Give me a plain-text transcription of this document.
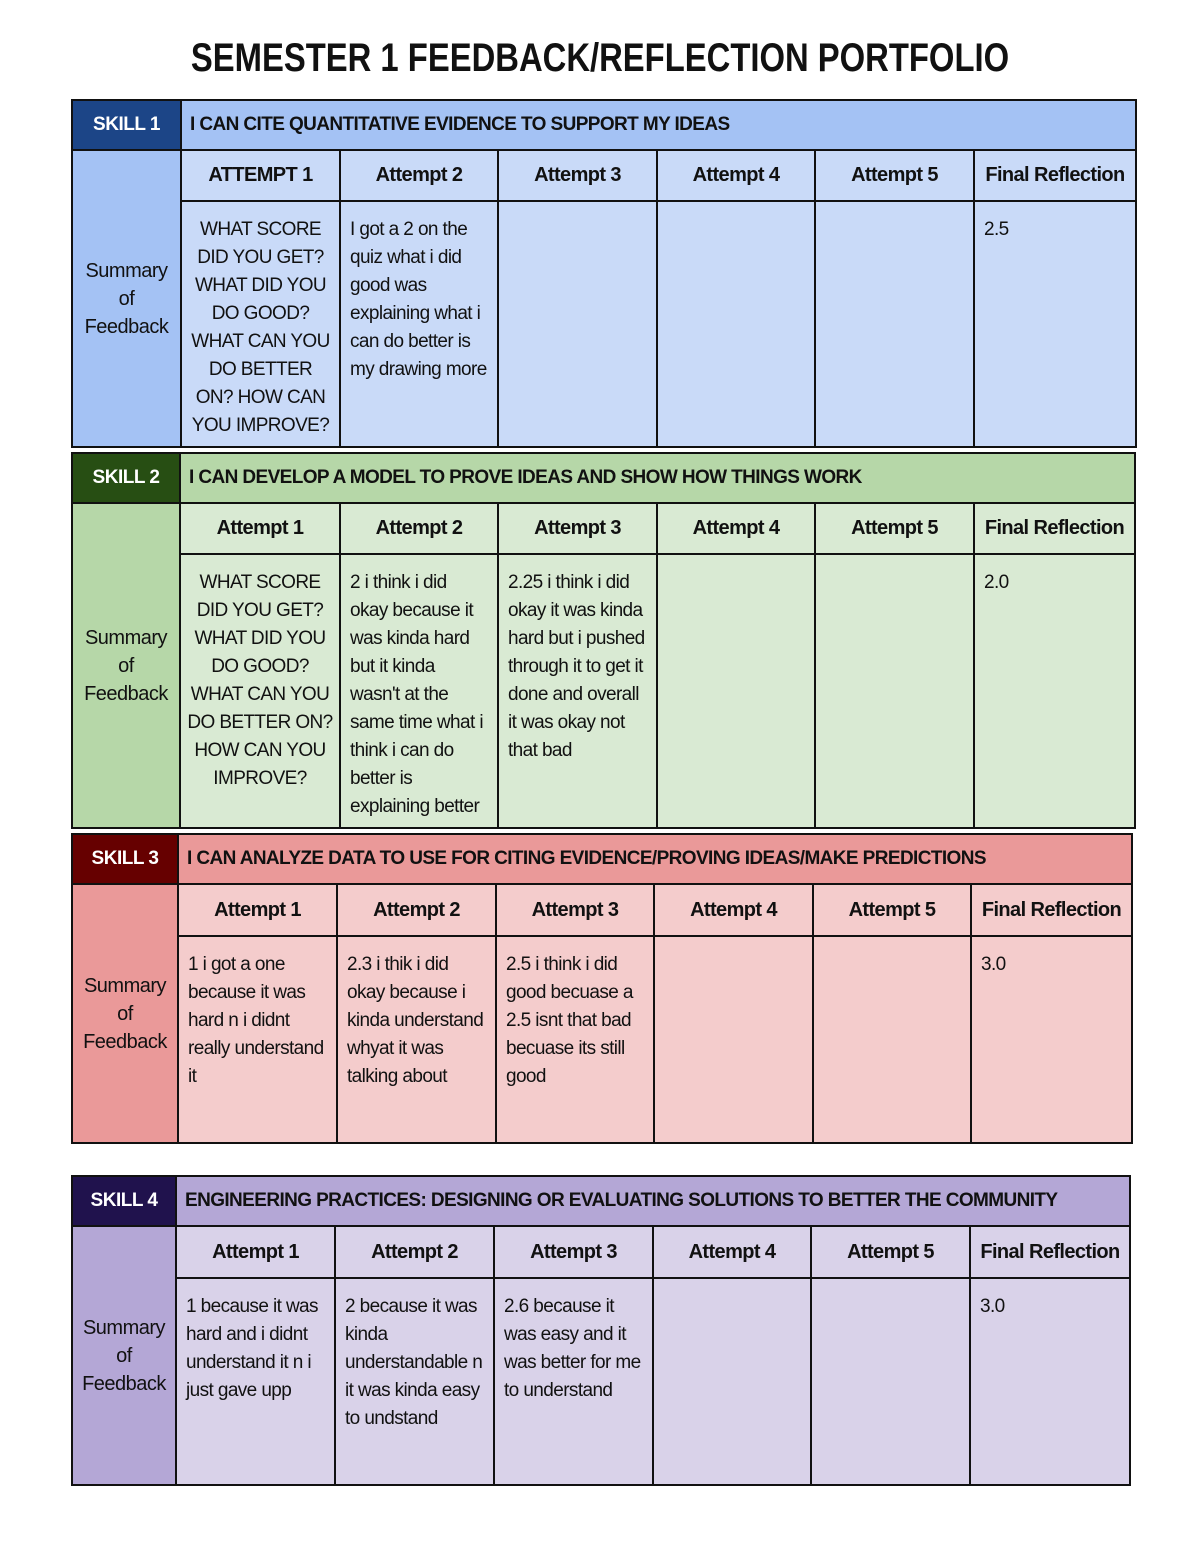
SEMESTER 1 FEEDBACK/REFLECTION PORTFOLIO
SKILL 1	I CAN CITE QUANTITATIVE EVIDENCE TO SUPPORT MY IDEAS					

Summary
of
Feedback	ATTEMPT 1	Attempt 2	Attempt 3	Attempt 4	Attempt 5	Final Reflection
	WHAT SCORE DID YOU GET? WHAT DID YOU DO GOOD? WHAT CAN YOU DO BETTER ON? HOW CAN YOU IMPROVE?	I got a 2 on the quiz what i did good was explaining what i can do better is my drawing more				2.5
SKILL 2	I CAN DEVELOP A MODEL TO PROVE IDEAS AND SHOW HOW THINGS WORK					

Summary
of
Feedback	Attempt 1	Attempt 2	Attempt 3	Attempt 4	Attempt 5	Final Reflection
	WHAT SCORE DID YOU GET? WHAT DID YOU DO GOOD? WHAT CAN YOU DO BETTER ON? HOW CAN YOU IMPROVE?	2 i think i did okay because it was kinda hard but it kinda wasn't at the same time what i think i can do better is explaining better	2.25 i think i did okay it was kinda hard but i pushed through it to get it done and overall it was okay not that bad			2.0
SKILL 3	I CAN ANALYZE DATA TO USE FOR CITING EVIDENCE/PROVING IDEAS/MAKE PREDICTIONS					

Summary
of
Feedback	Attempt 1	Attempt 2	Attempt 3	Attempt 4	Attempt 5	Final Reflection
	1 i got a one because it was hard n i didnt really understand it	2.3 i thik i did okay because i kinda understand whyat it was talking about	2.5 i think i did good becuase a 2.5 isnt that bad becuase its still good			3.0
SKILL 4	ENGINEERING PRACTICES: DESIGNING OR EVALUATING SOLUTIONS TO BETTER THE COMMUNITY					

Summary
of
Feedback	Attempt 1	Attempt 2	Attempt 3	Attempt 4	Attempt 5	Final Reflection
	1 because it was hard and i didnt understand it n i just gave upp	2 because it was kinda understandable n it was kinda easy to undstand	2.6 because it was easy and it was better for me to understand			3.0
